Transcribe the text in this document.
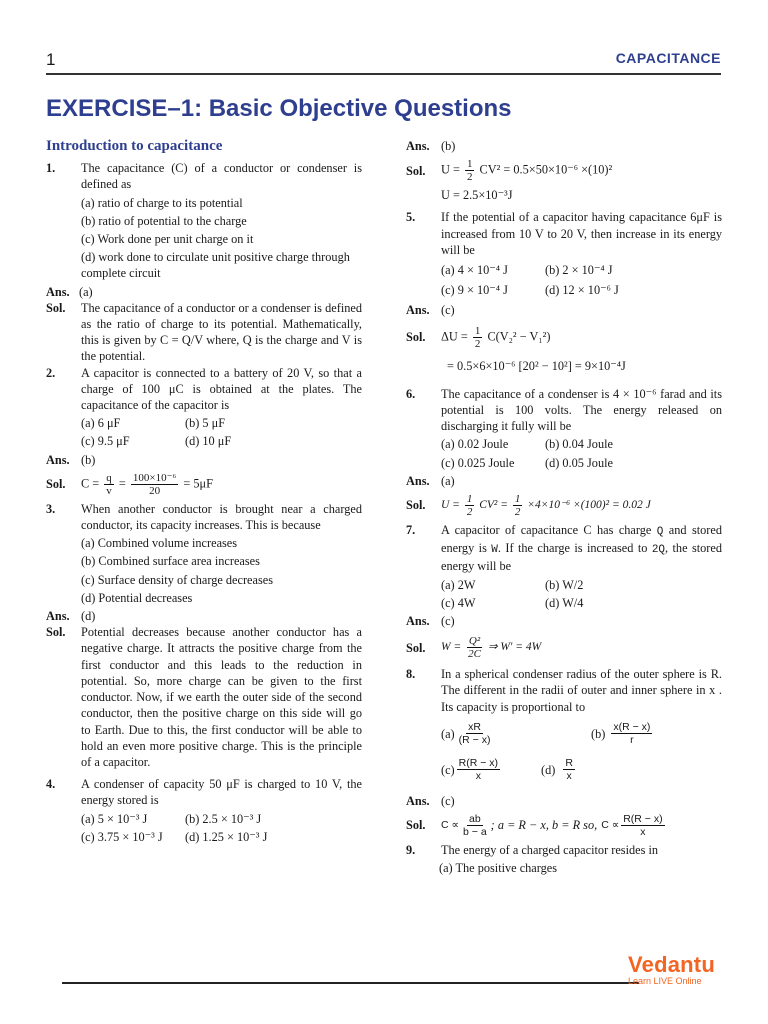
1	CAPACITANCE
EXERCISE–1: Basic Objective Questions
Introduction to capacitance
1.	The capacitance (C) of a conductor or condenser is defined as
(a) ratio of charge to its potential
(b) ratio of potential to the charge
(c) Work done per unit charge on it
(d) work done to circulate unit positive charge through complete circuit
Ans. (a)
Sol.	The capacitance of a conductor or a condenser is defined as the ratio of charge to its potential. Mathematically, this is given by C = Q/V where, Q is the charge and V is the potential.
2.	A capacitor is connected to a battery of 20 V, so that a charge of 100 μC is obtained at the plates. The capacitance of the capacitor is
(a) 6 μF	(b) 5 μF
(c) 9.5 μF	(d) 10 μF
Ans. (b)
Sol.	$C = \frac{q}{v} = \frac{\text{100×10⁻⁶}}{20} = 5\mu F$
3.	When another conductor is brought near a charged conductor, its capacity increases. This is because
(a) Combined volume increases
(b) Combined surface area increases
(c) Surface density of charge decreases
(d) Potential decreases
Ans. (d)
Sol.	Potential decreases because another conductor has a negative charge. It attracts the positive charge from the first conductor and this leads to the reduction in potential. So, more charge can be given to the first conductor. Now, if we earth the outer side of the second conductor, then the positive charge on this side will go to Earth. Due to this, the first conductor will be able to hold an even more positive charge. This is the principle of a capacitor.
4.	A condenser of capacity 50 μF is charged to 10 V, the energy stored is
(a) 5 × 10⁻³ J	(b) 2.5 × 10⁻³ J
(c) 3.75 × 10⁻³ J	(d) 1.25 × 10⁻³ J
Ans. (b)
Sol.	$U = \frac{1}{2} CV^2 = 0.5\times 50\times 10^{-6} \times(10)^2$
U = 2.5×10⁻³J
5.	If the potential of a capacitor having capacitance 6μF is increased from 10 V to 20 V, then increase in its energy will be
(a) 4 × 10⁻⁴ J	(b) 2 × 10⁻⁴ J
(c) 9 × 10⁻⁴ J	(d) 12 × 10⁻⁶ J
Ans. (c)
Sol.	$\Delta U = \frac{1}{2} C(V_2^2 - V_1^2)$
= 0.5×6×10⁻⁶ [20² − 10²] = 9×10⁻⁴J
6.	The capacitance of a condenser is 4 × 10⁻⁶ farad and its potential is 100 volts. The energy released on discharging it fully will be
(a) 0.02 Joule	(b) 0.04 Joule
(c) 0.025 Joule	(d) 0.05 Joule
Ans. (a)
Sol.	$U = \frac{1}{2} CV^2 = \frac{1}{2} \times 4\times 10^{-6} \times(100)^2 = 0.02$ J
7.	A capacitor of capacitance C has charge Q and stored energy is W. If the charge is increased to 2Q, the stored energy will be
(a) 2W	(b) W/2
(c) 4W	(d) W/4
Ans. (c)
Sol.	$W = \frac{\text{Q²}}{2C}$ ⇒ W′ = 4W
8.	In a spherical condenser radius of the outer sphere is R. The different in the radii of outer and inner sphere in x . Its capacity is proportional to
$(a) \frac{xR}{(R - x)}$	$(b) \frac{x(R - x)}{r}$
$(c) \frac{R(R - x)}{x}$	$(d) \frac{R}{x}$
Ans. (c)
Sol.	$C \propto \frac{ab}{b - a}$ ; a = R − x, b = R so, $C \propto \frac{R(R - x)}{x}$
9.	The energy of a charged capacitor resides in
(a) The positive charges
Vedantu
Learn LIVE Online
